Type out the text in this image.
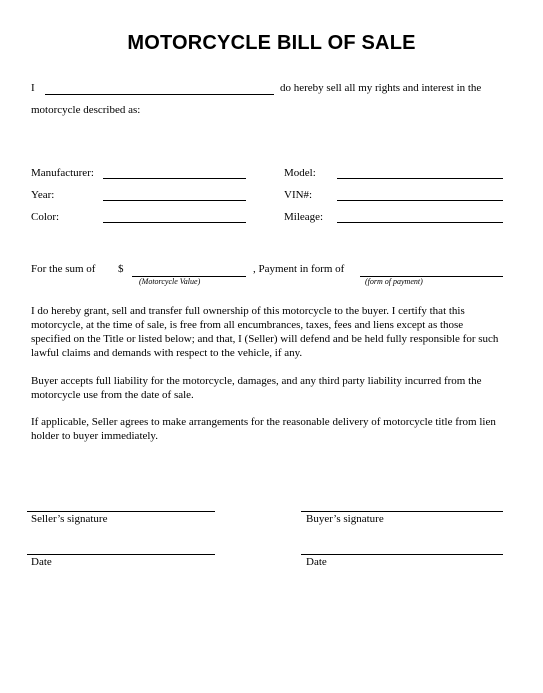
MOTORCYCLE BILL OF SALE
I	do hereby sell all my rights and interest in the
motorcycle described as:
Manufacturer:	Model:
Year:	VIN#:
Color:	Mileage:
For the sum of $
(Motorcycle Value)
, Payment in form of
(form of payment)

I do hereby grant, sell and transfer full ownership of this motorcycle to the buyer. I certify that this motorcycle, at the time of sale, is free from all encumbrances, taxes, fees and liens except as those specified on the Title or listed below; and that, I (Seller) will defend and be held fully responsible for such lawful claims and demands with respect to the vehicle, if any.

Buyer accepts full liability for the motorcycle, damages, and any third party liability incurred from the motorcycle use from the date of sale.

If applicable, Seller agrees to make arrangements for the reasonable delivery of motorcycle title from lien holder to buyer immediately.

Seller’s signature	Buyer’s signature
Date	Date
